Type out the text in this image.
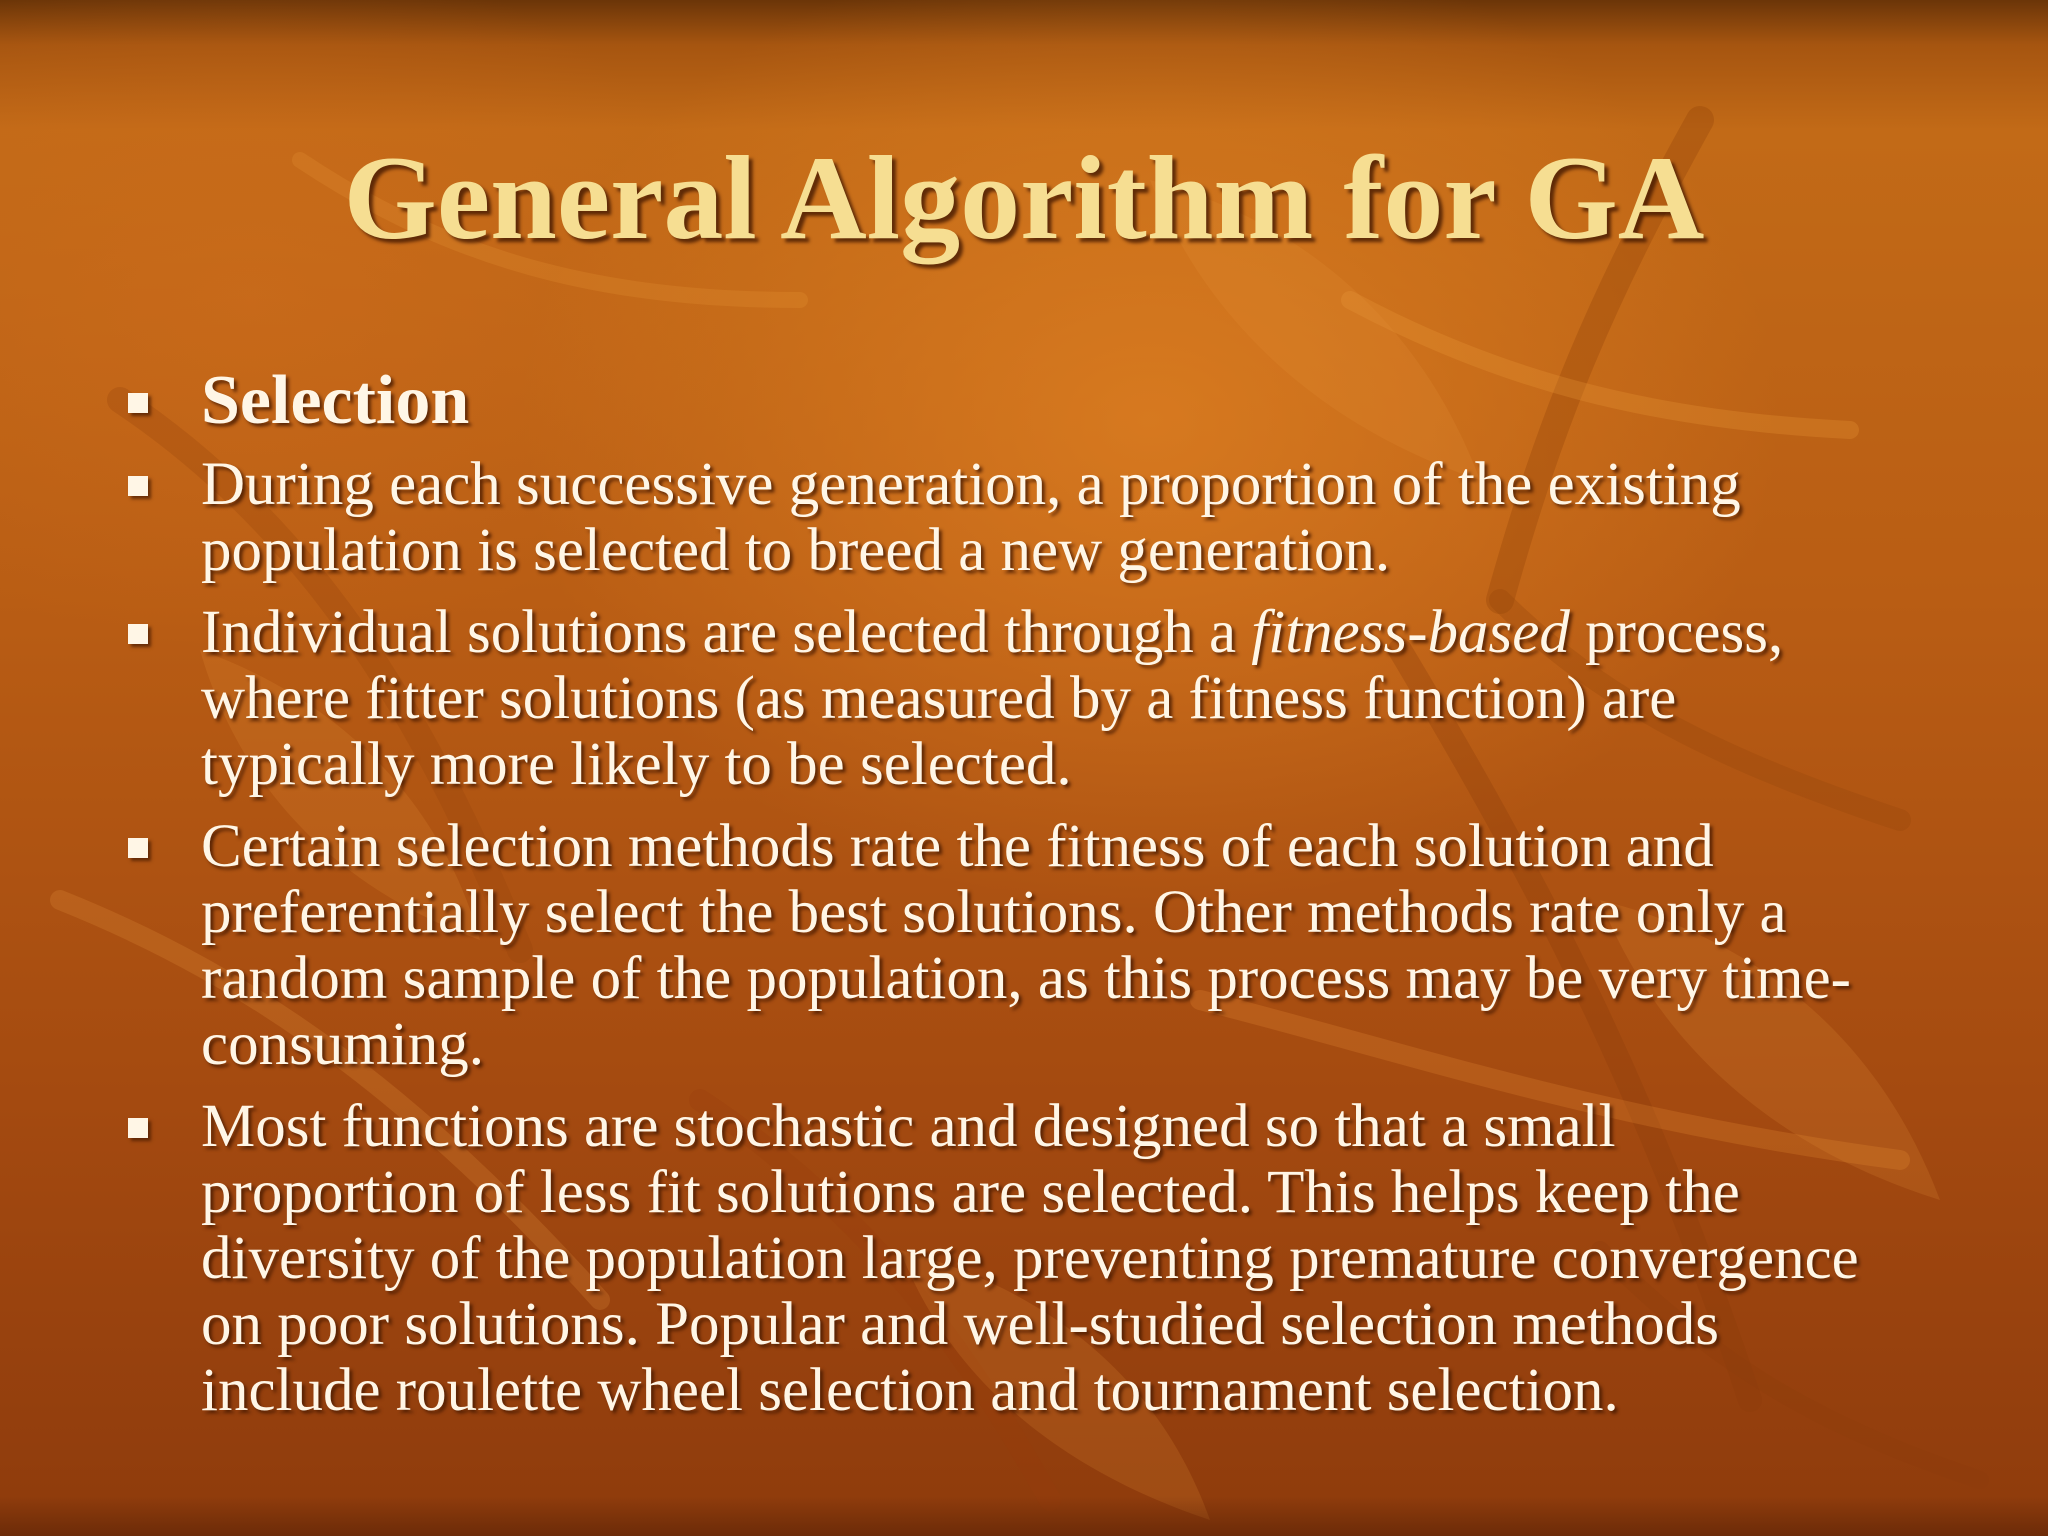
General Algorithm for GA
Selection
During each successive generation, a proportion of the existing population is selected to breed a new generation.
Individual solutions are selected through a fitness-based process, where fitter solutions (as measured by a fitness function) are typically more likely to be selected.
Certain selection methods rate the fitness of each solution and preferentially select the best solutions. Other methods rate only a random sample of the population, as this process may be very time-consuming.
Most functions are stochastic and designed so that a small proportion of less fit solutions are selected. This helps keep the diversity of the population large, preventing premature convergence on poor solutions. Popular and well-studied selection methods include roulette wheel selection and tournament selection.
